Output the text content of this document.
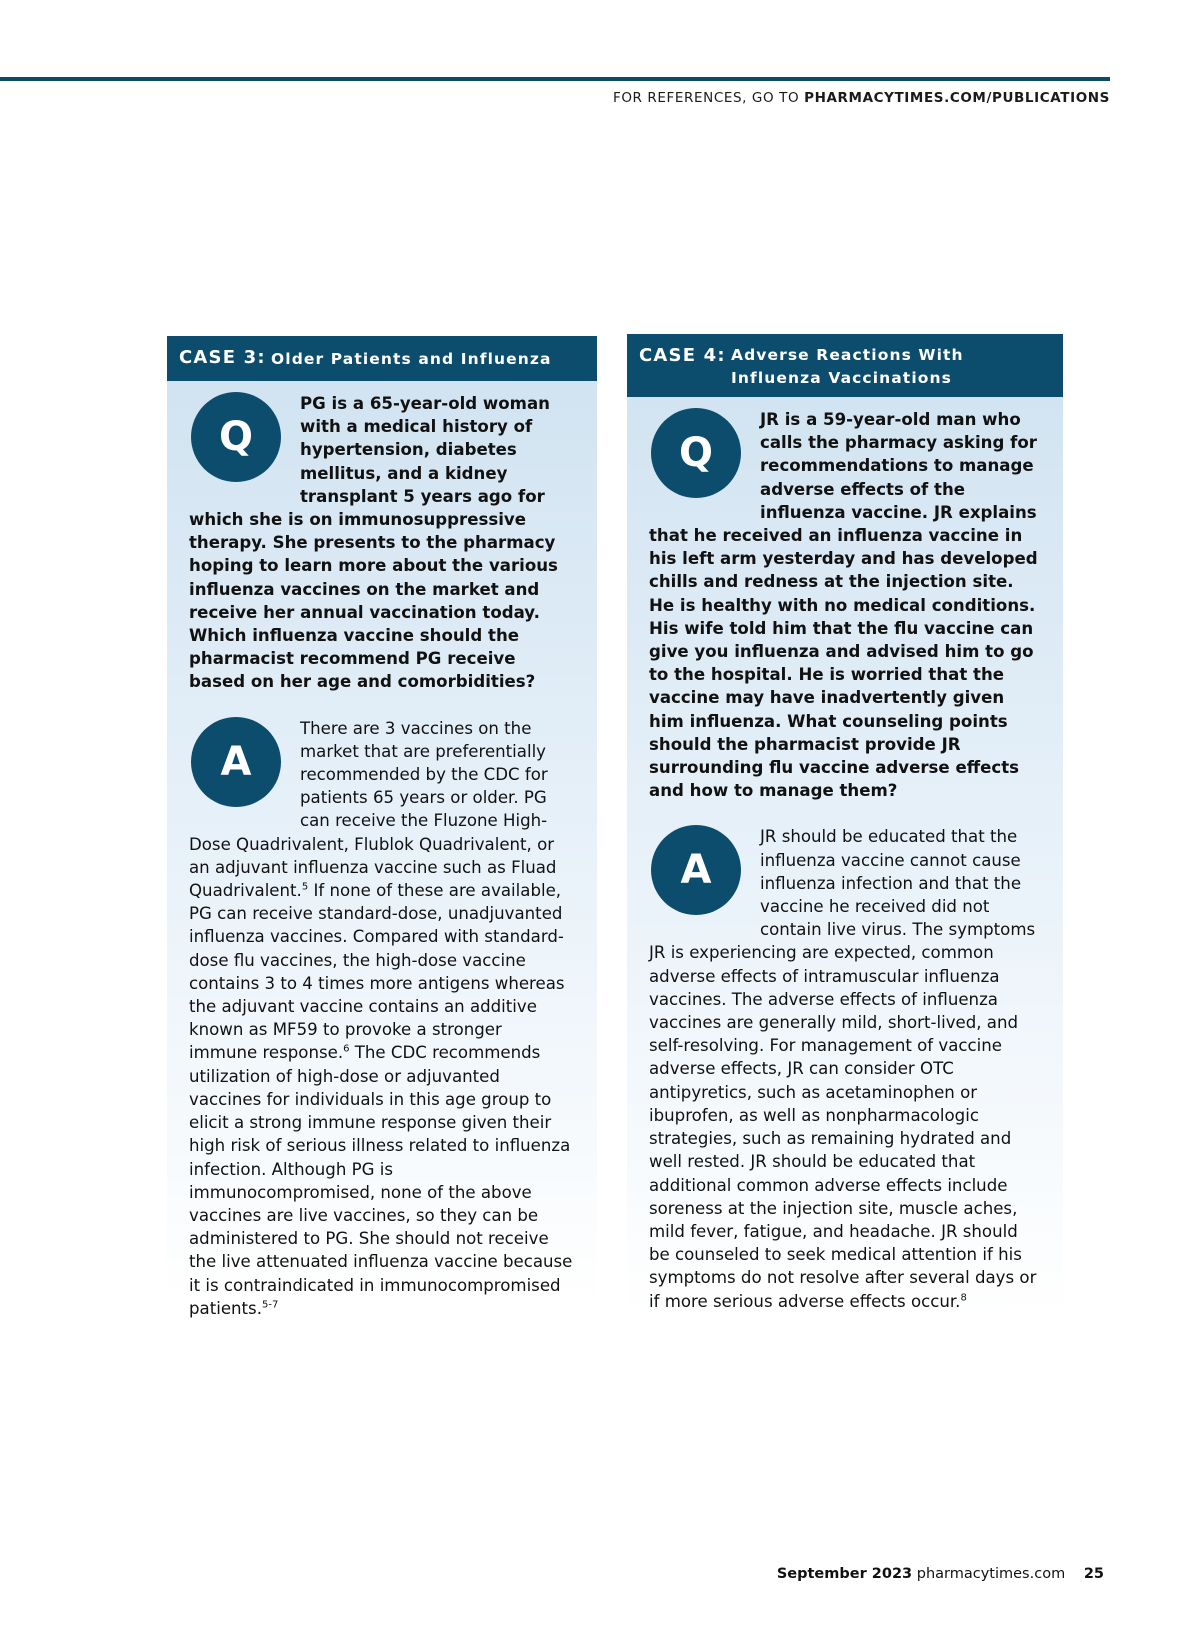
FOR REFERENCES, GO TO PHARMACYTIMES.COM/PUBLICATIONS
CASE 3: Older Patients and Influenza
Q

PG is a 65-year-old woman with a medical history of hypertension, diabetes mellitus, and a kidney transplant 5 years ago for which she is on immunosuppressive therapy. She presents to the pharmacy hoping to learn more about the various influenza vaccines on the market and receive her annual vaccination today. Which influenza vaccine should the pharmacist recommend PG receive based on her age and comorbidities?

A

There are 3 vaccines on the market that are preferentially recommended by the CDC for patients 65 years or older. PG can receive the Fluzone High-Dose Quadrivalent, Flublok Quadrivalent, or an adjuvant influenza vaccine such as Fluad Quadrivalent.$^5$ If none of these are available, PG can receive standard-dose, unadjuvanted influenza vaccines. Compared with standard-dose flu vaccines, the high-dose vaccine contains 3 to 4 times more antigens whereas the adjuvant vaccine contains an additive known as MF59 to provoke a stronger immune response.$^6$ The CDC recommends utilization of high-dose or adjuvanted vaccines for individuals in this age group to elicit a strong immune response given their high risk of serious illness related to influenza infection. Although PG is immunocompromised, none of the above vaccines are live vaccines, so they can be administered to PG. She should not receive the live attenuated influenza vaccine because it is contraindicated in immunocompromised patients.$^{5-7}$

CASE 4: Adverse Reactions With Influenza Vaccinations
Q

JR is a 59-year-old man who calls the pharmacy asking for recommendations to manage adverse effects of the influenza vaccine. JR explains that he received an influenza vaccine in his left arm yesterday and has developed chills and redness at the injection site. He is healthy with no medical conditions. His wife told him that the flu vaccine can give you influenza and advised him to go to the hospital. He is worried that the vaccine may have inadvertently given him influenza. What counseling points should the pharmacist provide JR surrounding flu vaccine adverse effects and how to manage them?

A

JR should be educated that the influenza vaccine cannot cause influenza infection and that the vaccine he received did not contain live virus. The symptoms JR is experiencing are expected, common adverse effects of intramuscular influenza vaccines. The adverse effects of influenza vaccines are generally mild, short-lived, and self-resolving. For management of vaccine adverse effects, JR can consider OTC antipyretics, such as acetaminophen or ibuprofen, as well as nonpharmacologic strategies, such as remaining hydrated and well rested. JR should be educated that additional common adverse effects include soreness at the injection site, muscle aches, mild fever, fatigue, and headache. JR should be counseled to seek medical attention if his symptoms do not resolve after several days or if more serious adverse effects occur.$^8$

September 2023 pharmacytimes.com 25
